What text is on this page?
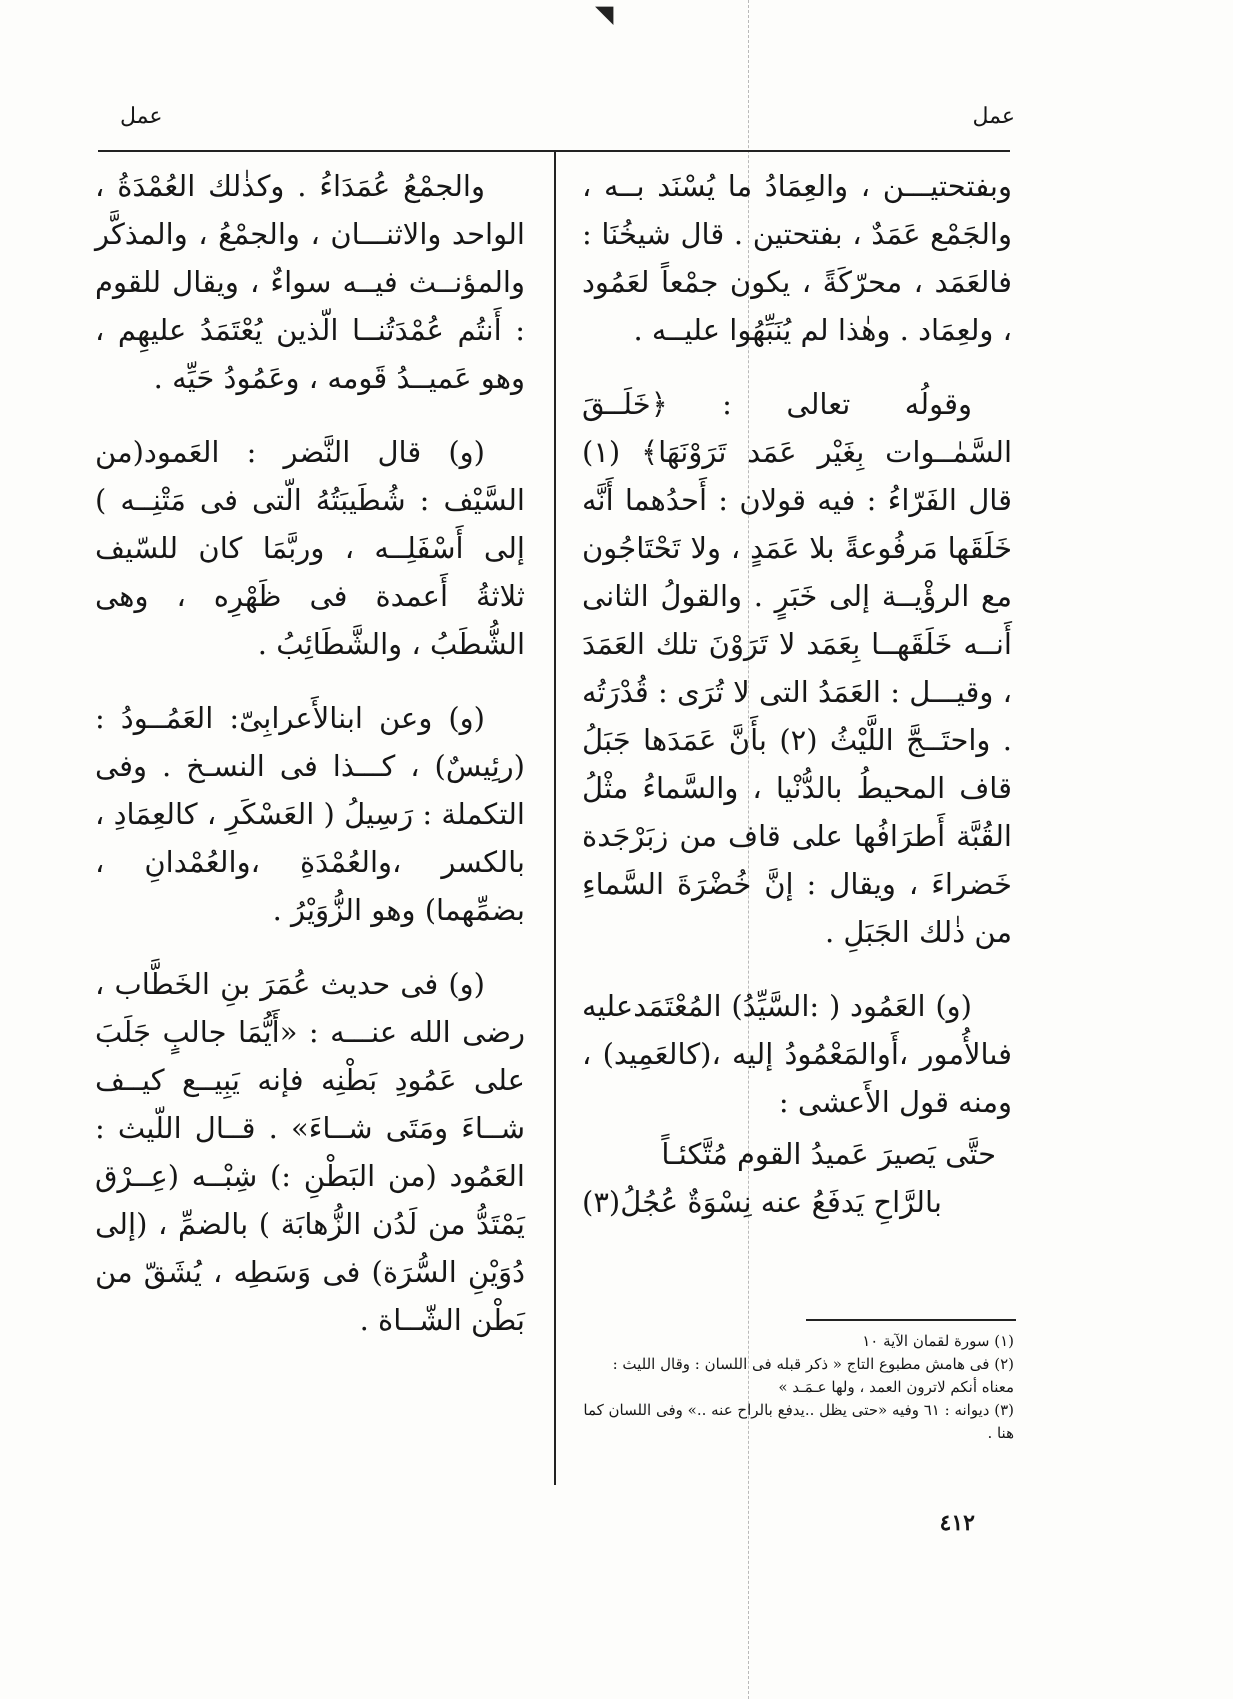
◥
عمل
عمل

وبفتحتيـــن ، والعِمَادُ ما يُسْنَد بــه ، والجَمْع عَمَدٌ ، بفتحتين . قال شيخُنَا : فالعَمَد ، محرّكَةً ، يكون جمْعاً لعَمُود ، ولعِمَاد . وهٰذا لم يُنَبِّهُوا عليــه .

وقولُه تعالى : ﴿خَلَــقَ السَّمٰــوات بِغَيْر عَمَد تَرَوْنَهَا﴾ (١) قال الفَرّاءُ : فيه قولان : أَحدُهما أَنَّه خَلَقَها مَرفُوعةً بلا عَمَدٍ ، ولا تَحْتَاجُون مع الرؤْيــة إلى خَبَرٍ . والقولُ الثانى أَنــه خَلَقَهــا بِعَمَد لا تَرَوْنَ تلك العَمَدَ ، وقيـــل : العَمَدُ التى لا تُرَى : قُدْرَتُه . واحتَــجَّ اللَّيْثُ (٢) بأَنَّ عَمَدَها جَبَلُ قاف المحيطُ بالدُّنْيا ، والسَّماءُ مثْلُ القُبَّة أَطرَافُها على قاف من زبَرْجَدة خَضراءَ ، ويقال : إنَّ خُضْرَةَ السَّماءِ من ذٰلك الجَبَلِ .

(و) العَمُود ( :السَّيِّدُ) المُعْتَمَدعليه فىالأُمور ،أَوالمَعْمُودُ إليه ،(كالعَمِيد) ، ومنه قول الأَعشى :

حتَّى يَصيرَ عَميدُ القوم مُتَّكئـاً
بالرَّاحِ يَدفَعُ عنه نِسْوَةٌ عُجُلُ(٣)

والجمْعُ عُمَدَاءُ . وكذٰلك العُمْدَةُ ، الواحد والاثنـــان ، والجمْعُ ، والمذكَّر والمؤنــث فيــه سواءٌ ، ويقال للقوم : أَنتُم عُمْدَتُنــا الّذين يُعْتَمَدُ عليهِم ، وهو عَميــدُ قَومه ، وعَمُودُ حَيِّه .

(و) قال النَّضر : العَمود(من السَّيْف : شُطَيبَتُهُ الّتى فى مَتْنِــه ) إلى أَسْفَلِــه ، وربَّمَا كان للسّيف ثلاثةُ أَعمدة فى ظَهْرِه ، وهى الشُّطَبُ ، والشَّطَائِبُ .

(و) وعن ابنالأَعرابِىّ: العَمُــودُ : (رئِيسٌ) ، كـــذا فى النسـخ . وفى التكملة : رَسِيلُ ( العَسْكَرِ ، كالعِمَادِ ، بالكسر ،والعُمْدَةِ ،والعُمْدانِ ، بضمِّهما) وهو الزُّوَيْرُ .

(و) فى حديث عُمَرَ بنِ الخَطَّاب ، رضى الله عنـــه : «أَيُّمَا جالبٍ جَلَبَ على عَمُودِ بَطْنِه فإنه يَبِيــع كيــف شــاءَ ومَتَى شــاءَ» . قــال اللّيث : العَمُود (من البَطْنِ :) شِبْــه (عِــرْق يَمْتَدُّ من لَدُن الزُّهابَة ) بالضمِّ ، (إلى دُوَيْنِ السُّرَة) فى وَسَطِه ، يُشَقّ من بَطْن الشّــاة .

(١) سورة لقمان الآية ١٠

(٢) فى هامش مطبوع التاج « ذكر قبله فى اللسان : وقال الليث : معناه أنكم لاترون العمد ، ولها عـمَـد »

(٣) ديوانه : ٦١ وفيه «حتى يظل ..يدفع بالراح عنه ..» وفى اللسان كما هنا .

٤١٢
